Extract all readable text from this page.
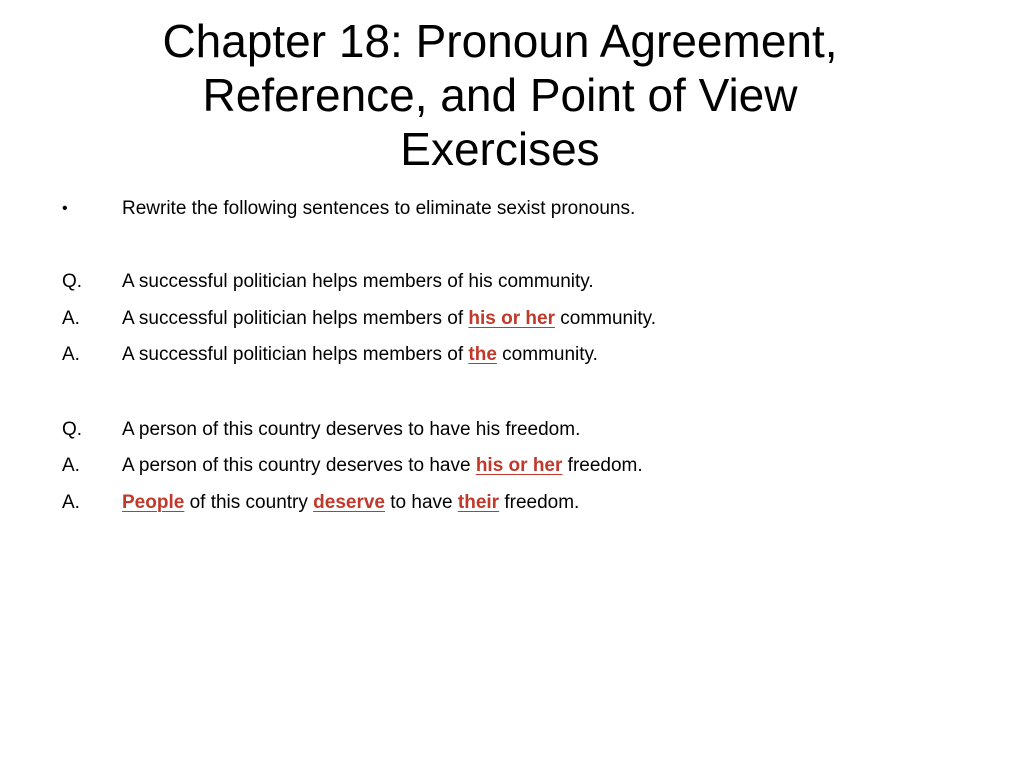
•	Rewrite the following sentences to eliminate sexist pronouns.
Q. A successful politician helps members of his community.
A. A successful politician helps members of his or her community.
A. A successful politician helps members of the community.
Q. A person of this country deserves to have his freedom.
A. A person of this country deserves to have his or her freedom.
A. People of this country deserve to have their freedom.
Chapter 18: Pronoun Agreement,
Reference, and Point of View
Exercises
